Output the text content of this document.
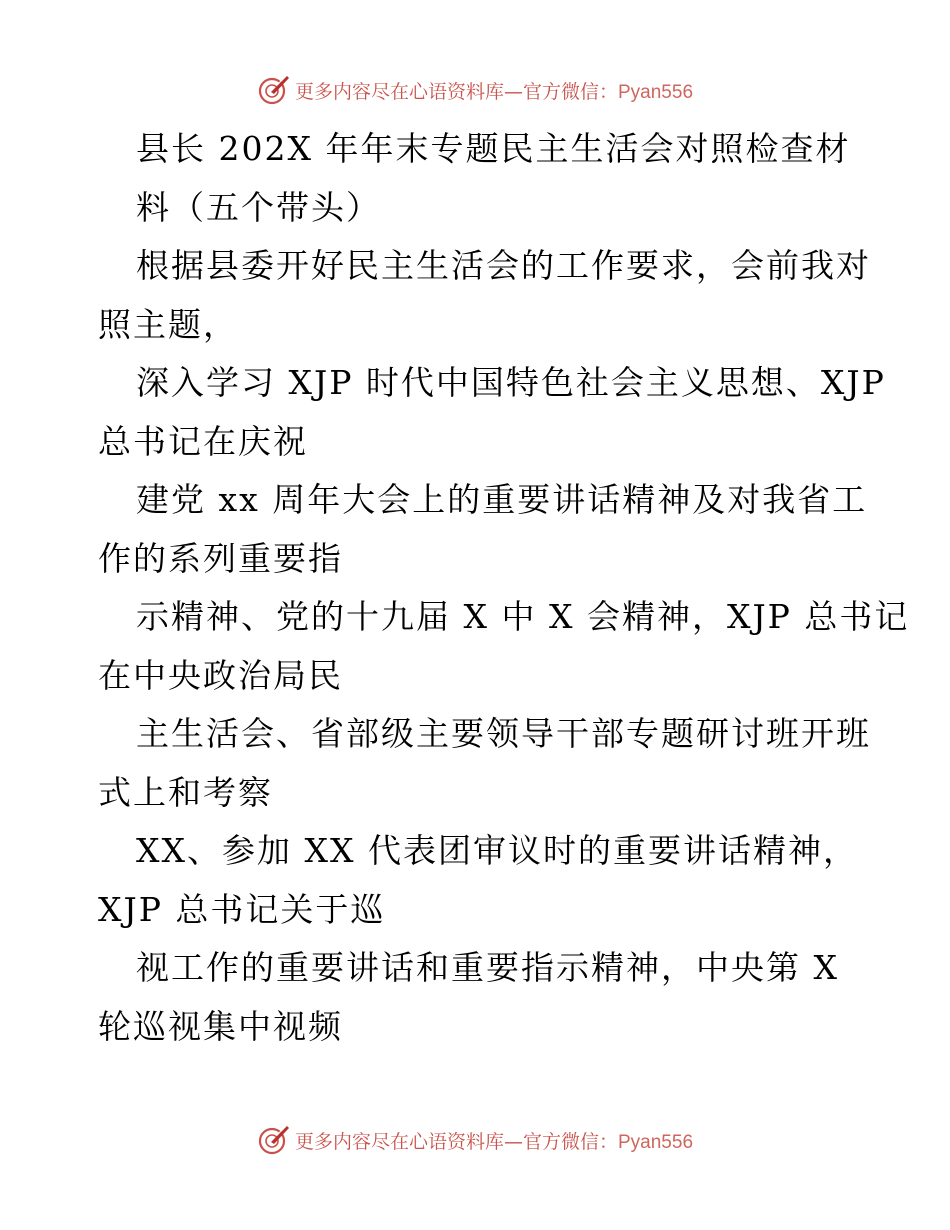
更多内容尽在心语资料库—官方微信：Pyan556
县长 202X 年年末专题民主生活会对照检查材
料（五个带头）
根据县委开好民主生活会的工作要求，会前我对
照主题，
深入学习 XJP 时代中国特色社会主义思想、XJP
总书记在庆祝
建党 xx 周年大会上的重要讲话精神及对我省工
作的系列重要指
示精神、党的十九届 X 中 X 会精神，XJP 总书记
在中央政治局民
主生活会、省部级主要领导干部专题研讨班开班
式上和考察
XX、参加 XX 代表团审议时的重要讲话精神，
XJP 总书记关于巡
视工作的重要讲话和重要指示精神，中央第 X
轮巡视集中视频
更多内容尽在心语资料库—官方微信：Pyan556
